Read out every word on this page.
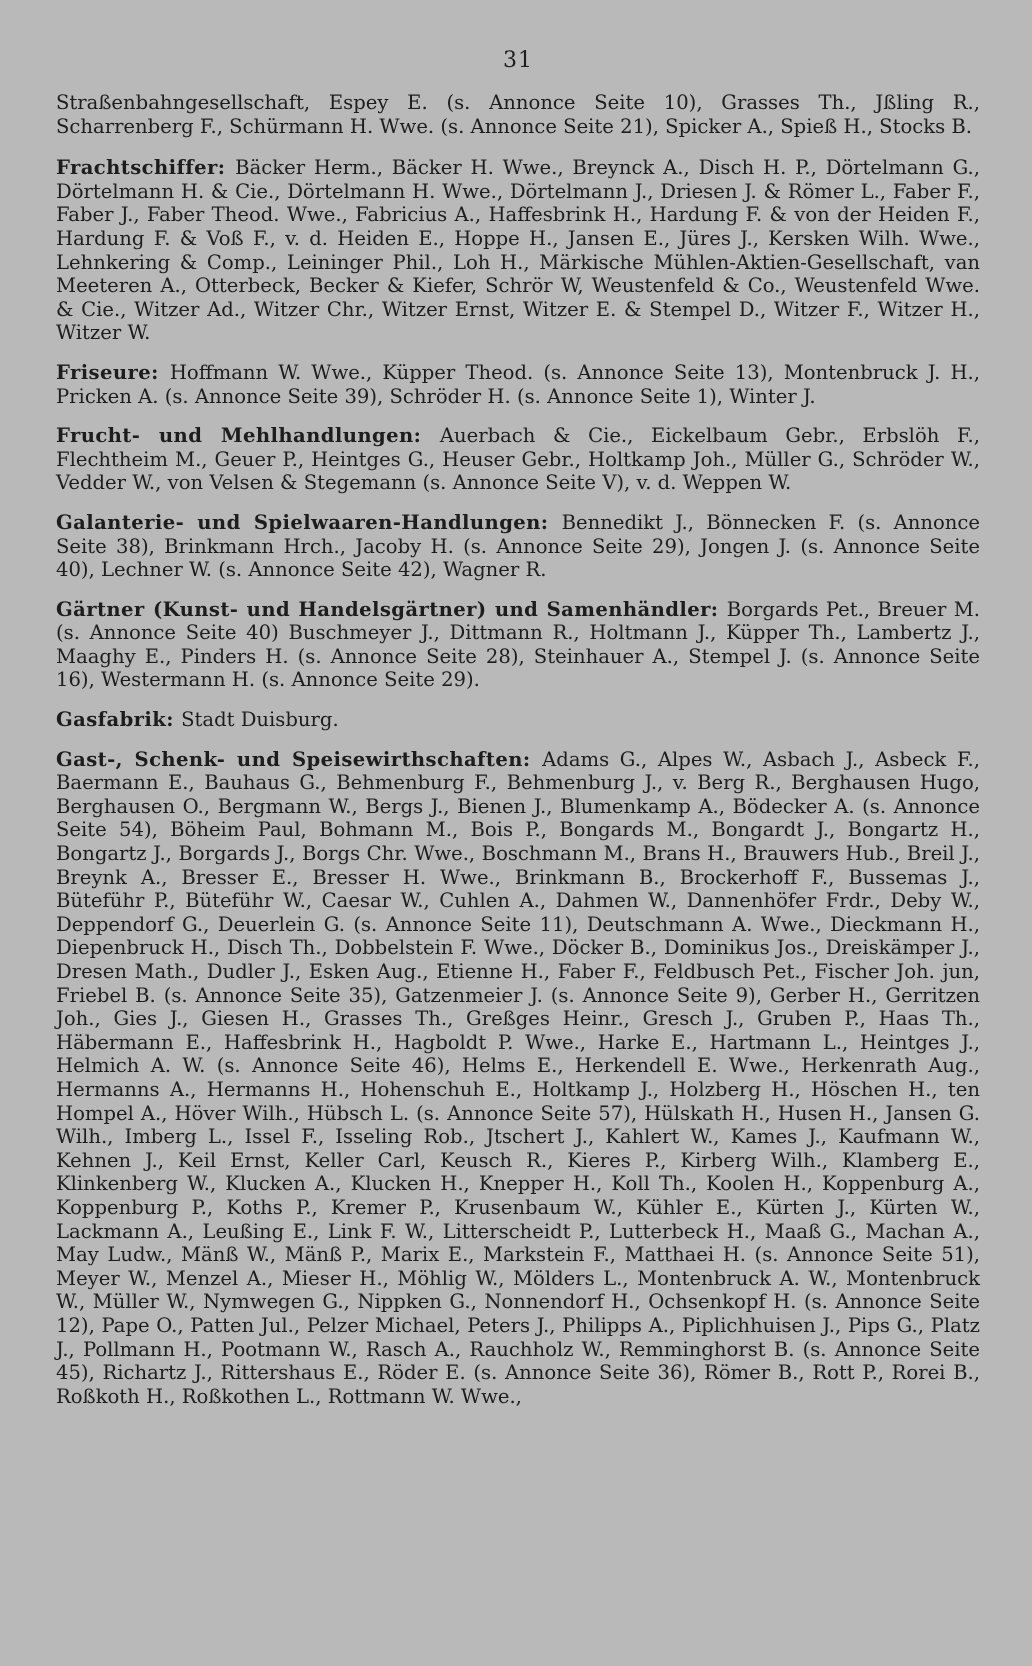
31

Straßenbahngesellschaft, Espey E. (s. Annonce Seite 10), Grasses Th., Jßling R., Scharrenberg F., Schürmann H. Wwe. (s. Annonce Seite 21), Spicker A., Spieß H., Stocks B.

Frachtschiffer: Bäcker Herm., Bäcker H. Wwe., Breynck A., Disch H. P., Dörtelmann G., Dörtelmann H. & Cie., Dörtelmann H. Wwe., Dörtelmann J., Driesen J. & Römer L., Faber F., Faber J., Faber Theod. Wwe., Fabricius A., Haffesbrink H., Hardung F. & von der Heiden F., Hardung F. & Voß F., v. d. Heiden E., Hoppe H., Jansen E., Jüres J., Kersken Wilh. Wwe., Lehnkering & Comp., Leininger Phil., Loh H., Märkische Mühlen-Aktien-Gesellschaft, van Meeteren A., Otterbeck, Becker & Kiefer, Schrör W, Weustenfeld & Co., Weustenfeld Wwe. & Cie., Witzer Ad., Witzer Chr., Witzer Ernst, Witzer E. & Stempel D., Witzer F., Witzer H., Witzer W.

Friseure: Hoffmann W. Wwe., Küpper Theod. (s. Annonce Seite 13), Montenbruck J. H., Pricken A. (s. Annonce Seite 39), Schröder H. (s. Annonce Seite 1), Winter J.

Frucht- und Mehlhandlungen: Auerbach & Cie., Eickelbaum Gebr., Erbslöh F., Flechtheim M., Geuer P., Heintges G., Heuser Gebr., Holtkamp Joh., Müller G., Schröder W., Vedder W., von Velsen & Stegemann (s. Annonce Seite V), v. d. Weppen W.

Galanterie- und Spielwaaren-Handlungen: Bennedikt J., Bönnecken F. (s. Annonce Seite 38), Brinkmann Hrch., Jacoby H. (s. Annonce Seite 29), Jongen J. (s. Annonce Seite 40), Lechner W. (s. Annonce Seite 42), Wagner R.

Gärtner (Kunst- und Handelsgärtner) und Samenhändler: Borgards Pet., Breuer M. (s. Annonce Seite 40) Buschmeyer J., Dittmann R., Holtmann J., Küpper Th., Lambertz J., Maaghy E., Pinders H. (s. Annonce Seite 28), Steinhauer A., Stempel J. (s. Annonce Seite 16), Westermann H. (s. Annonce Seite 29).

Gasfabrik: Stadt Duisburg.

Gast-, Schenk- und Speisewirthschaften: Adams G., Alpes W., Asbach J., Asbeck F., Baermann E., Bauhaus G., Behmenburg F., Behmenburg J., v. Berg R., Berghausen Hugo, Berghausen O., Bergmann W., Bergs J., Bienen J., Blumenkamp A., Bödecker A. (s. Annonce Seite 54), Böheim Paul, Bohmann M., Bois P., Bongards M., Bongardt J., Bongartz H., Bongartz J., Borgards J., Borgs Chr. Wwe., Boschmann M., Brans H., Brauwers Hub., Breil J., Breynk A., Bresser E., Bresser H. Wwe., Brinkmann B., Brockerhoff F., Bussemas J., Büteführ P., Büteführ W., Caesar W., Cuhlen A., Dahmen W., Dannenhöfer Frdr., Deby W., Deppendorf G., Deuerlein G. (s. Annonce Seite 11), Deutschmann A. Wwe., Dieckmann H., Diepenbruck H., Disch Th., Dobbelstein F. Wwe., Döcker B., Dominikus Jos., Dreiskämper J., Dresen Math., Dudler J., Esken Aug., Etienne H., Faber F., Feldbusch Pet., Fischer Joh. jun, Friebel B. (s. Annonce Seite 35), Gatzenmeier J. (s. Annonce Seite 9), Gerber H., Gerritzen Joh., Gies J., Giesen H., Grasses Th., Greßges Heinr., Gresch J., Gruben P., Haas Th., Häbermann E., Haffesbrink H., Hagboldt P. Wwe., Harke E., Hartmann L., Heintges J., Helmich A. W. (s. Annonce Seite 46), Helms E., Herkendell E. Wwe., Herkenrath Aug., Hermanns A., Hermanns H., Hohenschuh E., Holtkamp J., Holzberg H., Höschen H., ten Hompel A., Höver Wilh., Hübsch L. (s. Annonce Seite 57), Hülskath H., Husen H., Jansen G. Wilh., Imberg L., Issel F., Isseling Rob., Jtschert J., Kahlert W., Kames J., Kaufmann W., Kehnen J., Keil Ernst, Keller Carl, Keusch R., Kieres P., Kirberg Wilh., Klamberg E., Klinkenberg W., Klucken A., Klucken H., Knepper H., Koll Th., Koolen H., Koppenburg A., Koppenburg P., Koths P., Kremer P., Krusenbaum W., Kühler E., Kürten J., Kürten W., Lackmann A., Leußing E., Link F. W., Litterscheidt P., Lutterbeck H., Maaß G., Machan A., May Ludw., Mänß W., Mänß P., Marix E., Markstein F., Matthaei H. (s. Annonce Seite 51), Meyer W., Menzel A., Mieser H., Möhlig W., Mölders L., Montenbruck A. W., Montenbruck W., Müller W., Nymwegen G., Nippken G., Nonnendorf H., Ochsenkopf H. (s. Annonce Seite 12), Pape O., Patten Jul., Pelzer Michael, Peters J., Philipps A., Piplichhuisen J., Pips G., Platz J., Pollmann H., Pootmann W., Rasch A., Rauchholz W., Remminghorst B. (s. Annonce Seite 45), Richartz J., Rittershaus E., Röder E. (s. Annonce Seite 36), Römer B., Rott P., Rorei B., Roßkoth H., Roßkothen L., Rottmann W. Wwe.,
